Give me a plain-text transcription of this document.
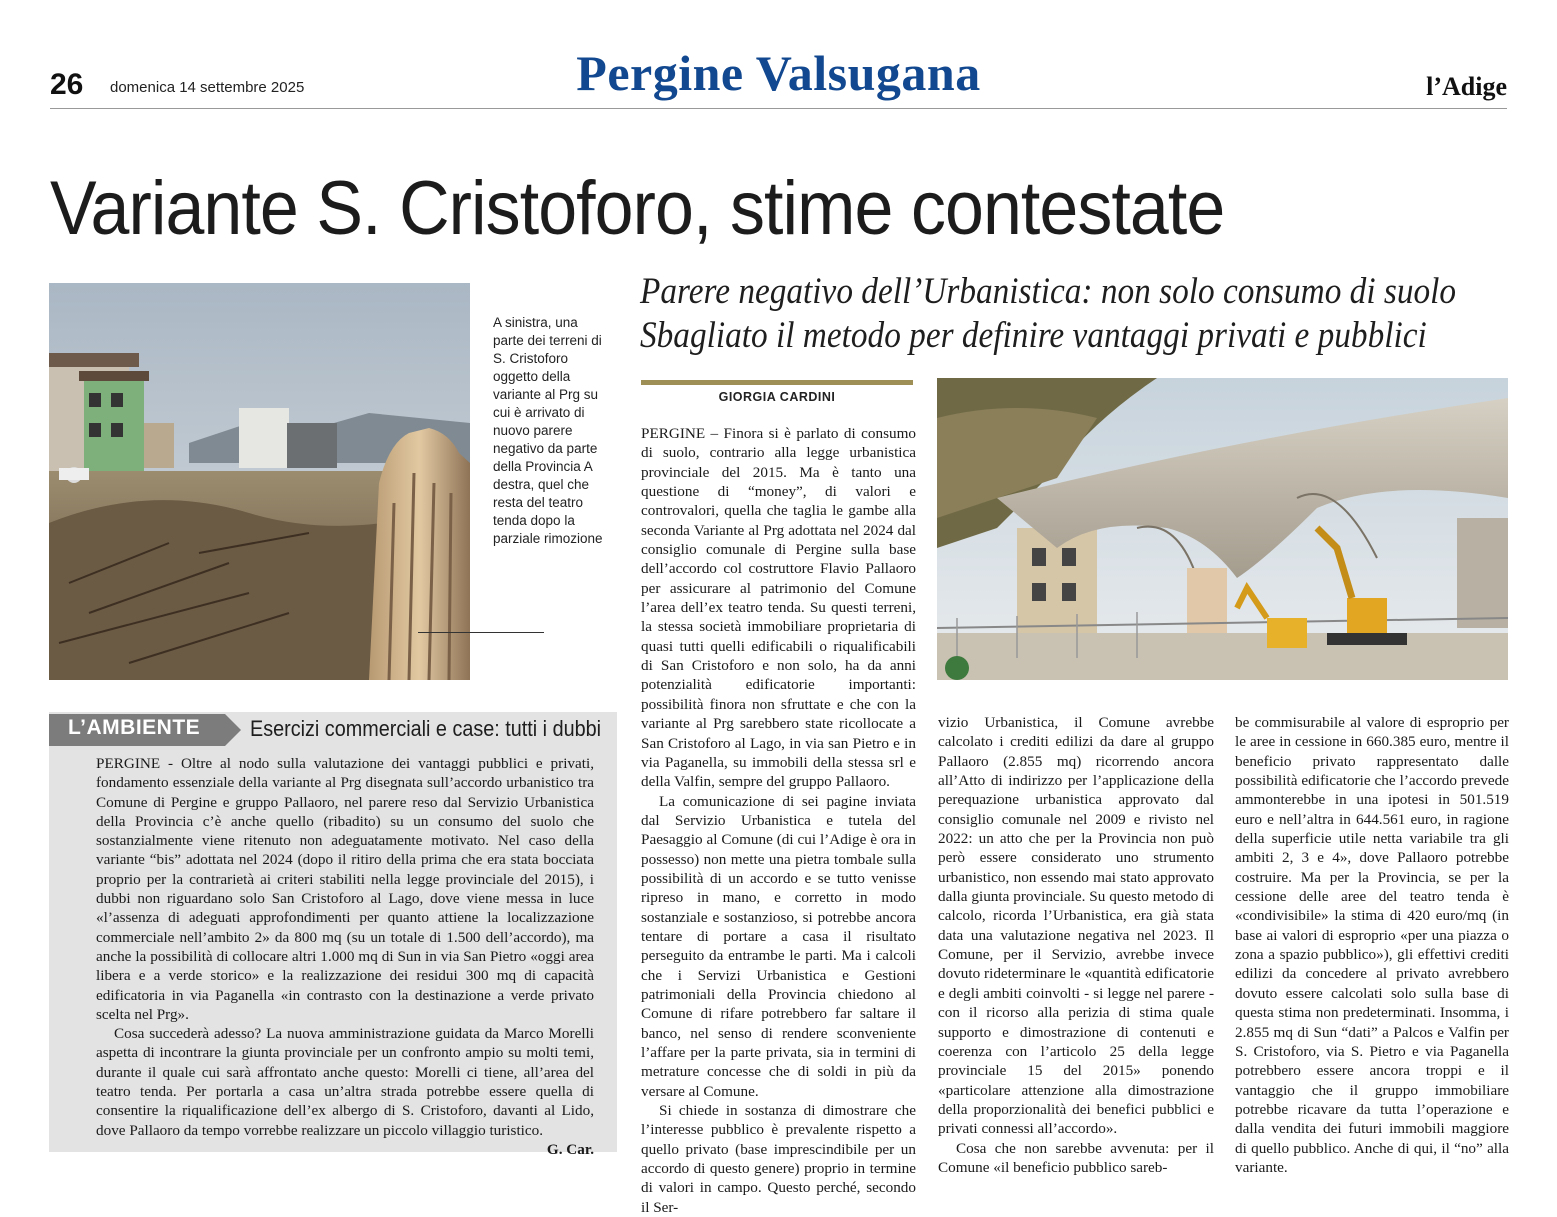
26 domenica 14 settembre 2025	Pergine Valsugana	l’Adige
Variante S. Cristoforo, stime contestate
Parere negativo dell’Urbanistica: non solo consumo di suolo
Sbagliato il metodo per definire vantaggi privati e pubblici
A sinistra, una parte dei terreni di S. Cristoforo oggetto della variante al Prg su cui è arrivato di nuovo parere negativo da parte della Provincia A destra, quel che resta del teatro tenda dopo la parziale rimozione
L’AMBIENTE Esercizi commerciali e case: tutti i dubbi

PERGINE - Oltre al nodo sulla valutazione dei vantaggi pubblici e privati, fondamento essenziale della variante al Prg disegnata sull’accordo urbanistico tra Comune di Pergine e gruppo Pallaoro, nel parere reso dal Servizio Urbanistica della Provincia c’è anche quello (ribadito) su un consumo del suolo che sostanzialmente viene ritenuto non adeguatamente motivato. Nel caso della variante “bis” adottata nel 2024 (dopo il ritiro della prima che era stata bocciata proprio per la contrarietà ai criteri stabiliti nella legge provinciale del 2015), i dubbi non riguardano solo San Cristoforo al Lago, dove viene messa in luce «l’assenza di adeguati approfondimenti per quanto attiene la localizzazione commerciale nell’ambito 2» da 800 mq (su un totale di 1.500 dell’accordo), ma anche la possibilità di collocare altri 1.000 mq di Sun in via San Pietro «oggi area libera e a verde storico» e la realizzazione dei residui 300 mq di capacità edificatoria in via Paganella «in contrasto con la destinazione a verde privato scelta nel Prg».

Cosa succederà adesso? La nuova amministrazione guidata da Marco Morelli aspetta di incontrare la giunta provinciale per un confronto ampio su molti temi, durante il quale cui sarà affrontato anche questo: Morelli ci tiene, all’area del teatro tenda. Per portarla a casa un’altra strada potrebbe essere quella di consentire la riqualificazione dell’ex albergo di S. Cristoforo, davanti al Lido, dove Pallaoro da tempo vorrebbe realizzare un piccolo villaggio turistico.
G. Car.

GIORGIA CARDINI

PERGINE – Finora si è parlato di consumo di suolo, contrario alla legge urbanistica provinciale del 2015. Ma è tanto una questione di “money”, di valori e controvalori, quella che taglia le gambe alla seconda Variante al Prg adottata nel 2024 dal consiglio comunale di Pergine sulla base dell’accordo col costruttore Flavio Pallaoro per assicurare al patrimonio del Comune l’area dell’ex teatro tenda. Su questi terreni, la stessa società immobiliare proprietaria di quasi tutti quelli edificabili o riqualificabili di San Cristoforo e non solo, ha da anni potenzialità edificatorie importanti: possibilità finora non sfruttate e che con la variante al Prg sarebbero state ricollocate a San Cristoforo al Lago, in via san Pietro e in via Paganella, su immobili della stessa srl e della Valfin, sempre del gruppo Pallaoro.

La comunicazione di sei pagine inviata dal Servizio Urbanistica e tutela del Paesaggio al Comune (di cui l’Adige è ora in possesso) non mette una pietra tombale sulla possibilità di un accordo e se tutto venisse ripreso in mano, e corretto in modo sostanziale e sostanzioso, si potrebbe ancora tentare di portare a casa il risultato perseguito da entrambe le parti. Ma i calcoli che i Servizi Urbanistica e Gestioni patrimoniali della Provincia chiedono al Comune di rifare potrebbero far saltare il banco, nel senso di rendere sconveniente l’affare per la parte privata, sia in termini di metrature concesse che di soldi in più da versare al Comune.

Si chiede in sostanza di dimostrare che l’interesse pubblico è prevalente rispetto a quello privato (base imprescindibile per un accordo di questo genere) proprio in termine di valori in campo. Questo perché, secondo il Ser-

vizio Urbanistica, il Comune avrebbe calcolato i crediti edilizi da dare al gruppo Pallaoro (2.855 mq) ricorrendo ancora all’Atto di indirizzo per l’applicazione della perequazione urbanistica approvato dal consiglio comunale nel 2009 e rivisto nel 2022: un atto che per la Provincia non può però essere considerato uno strumento urbanistico, non essendo mai stato approvato dalla giunta provinciale. Su questo metodo di calcolo, ricorda l’Urbanistica, era già stata data una valutazione negativa nel 2023. Il Comune, per il Servizio, avrebbe invece dovuto rideterminare le «quantità edificatorie e degli ambiti coinvolti - si legge nel parere - con il ricorso alla perizia di stima quale supporto e dimostrazione di contenuti e coerenza con l’articolo 25 della legge provinciale 15 del 2015» ponendo «particolare attenzione alla dimostrazione della proporzionalità dei benefici pubblici e privati connessi all’accordo».

Cosa che non sarebbe avvenuta: per il Comune «il beneficio pubblico sareb-

be commisurabile al valore di esproprio per le aree in cessione in 660.385 euro, mentre il beneficio privato rappresentato dalle possibilità edificatorie che l’accordo prevede ammonterebbe in una ipotesi in 501.519 euro e nell’altra in 644.561 euro, in ragione della superficie utile netta variabile tra gli ambiti 2, 3 e 4», dove Pallaoro potrebbe costruire. Ma per la Provincia, se per la cessione delle aree del teatro tenda è «condivisibile» la stima di 420 euro/mq (in base ai valori di esproprio «per una piazza o zona a spazio pubblico»), gli effettivi crediti edilizi da concedere al privato avrebbero dovuto essere calcolati solo sulla base di questa stima non predeterminati. Insomma, i 2.855 mq di Sun “dati” a Palcos e Valfin per S. Cristoforo, via S. Pietro e via Paganella potrebbero essere ancora troppi e il vantaggio che il gruppo immobiliare potrebbe ricavare da tutta l’operazione e dalla vendita dei futuri immobili maggiore di quello pubblico. Anche di qui, il “no” alla variante.
